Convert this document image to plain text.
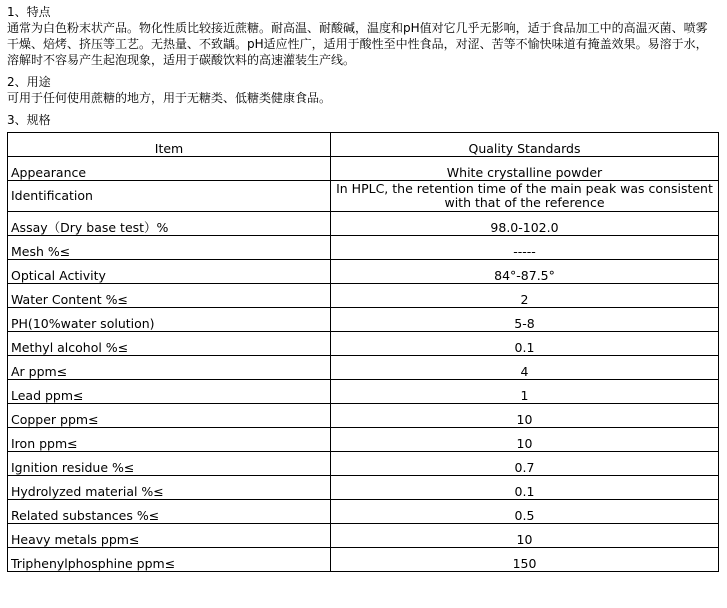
1、特点

通常为白色粉末状产品。物化性质比较接近蔗糖。耐高温、耐酸碱，温度和pH值对它几乎无影响，适于食品加工中的高温灭菌、喷雾干燥、焙烤、挤压等工艺。无热量、不致龋。pH适应性广，适用于酸性至中性食品，对涩、苦等不愉快味道有掩盖效果。易溶于水，溶解时不容易产生起泡现象，适用于碳酸饮料的高速灌装生产线。

2、用途

可用于任何使用蔗糖的地方，用于无糖类、低糖类健康食品。

3、规格

Item	Quality Standards
Appearance	White crystalline powder
Identification	In HPLC, the retention time of the main peak was consistent with that of the reference
Assay（Dry base test）%	98.0-102.0
Mesh %≤	-----
Optical Activity	84°-87.5°
Water Content %≤	2
PH(10%water solution)	5-8
Methyl alcohol %≤	0.1
Ar ppm≤	4
Lead ppm≤	1
Copper ppm≤	10
Iron ppm≤	10
Ignition residue %≤	0.7
Hydrolyzed material %≤	0.1
Related substances %≤	0.5
Heavy metals ppm≤	10
Triphenylphosphine ppm≤	150
